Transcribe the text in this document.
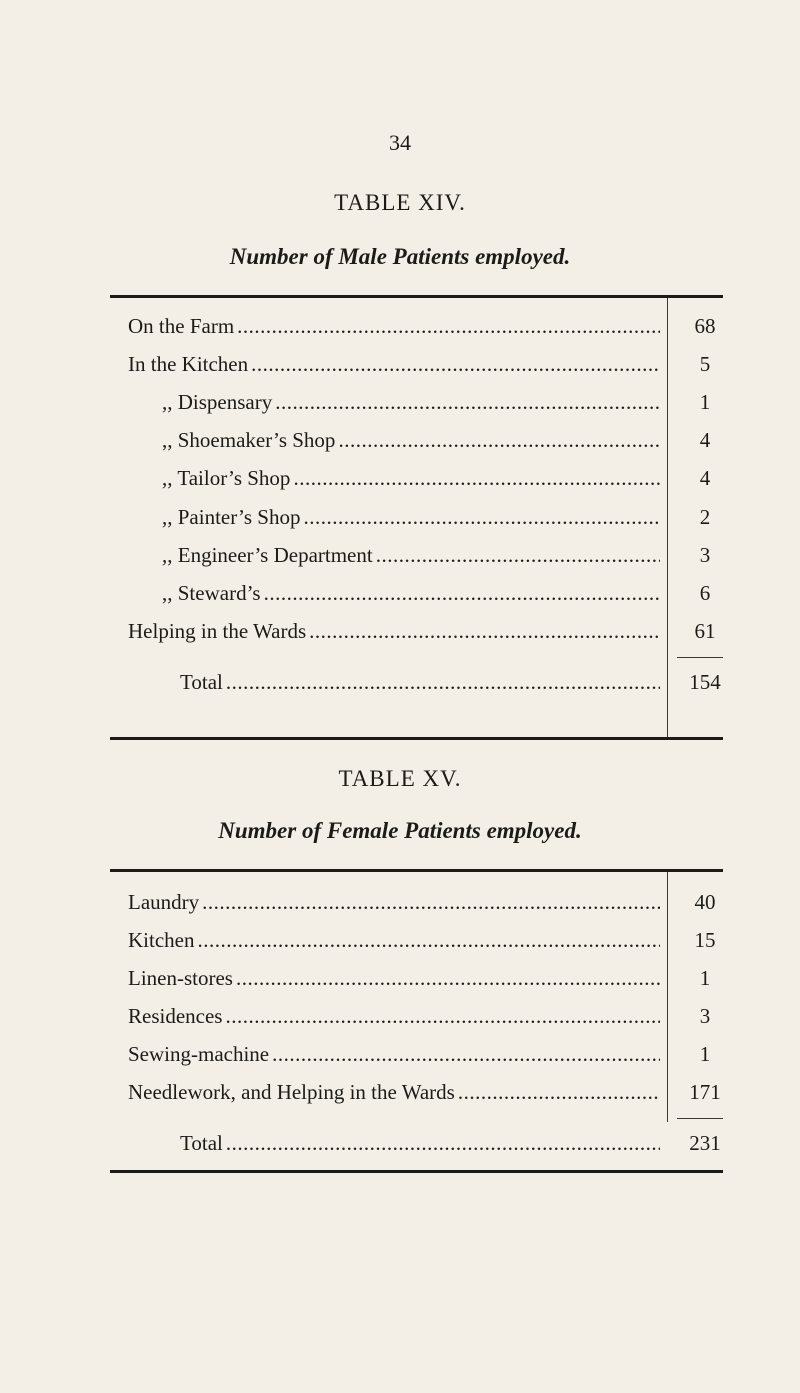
34
TABLE XIV.
Number of Male Patients employed.
On the Farm .....	68
In the Kitchen .....	5
,, Dispensary .....	1
,, Shoemaker’s Shop .....	4
,, Tailor’s Shop .....	4
,, Painter’s Shop .....	2
,, Engineer’s Department .....	3
,, Steward’s .....	6
Helping in the Wards .....	61
Total .....	154
TABLE XV.
Number of Female Patients employed.
Laundry .....	40
Kitchen .....	15
Linen-stores .....	1
Residences .....	3
Sewing-machine .....	1
Needlework, and Helping in the Wards .....	171
Total .....	231
